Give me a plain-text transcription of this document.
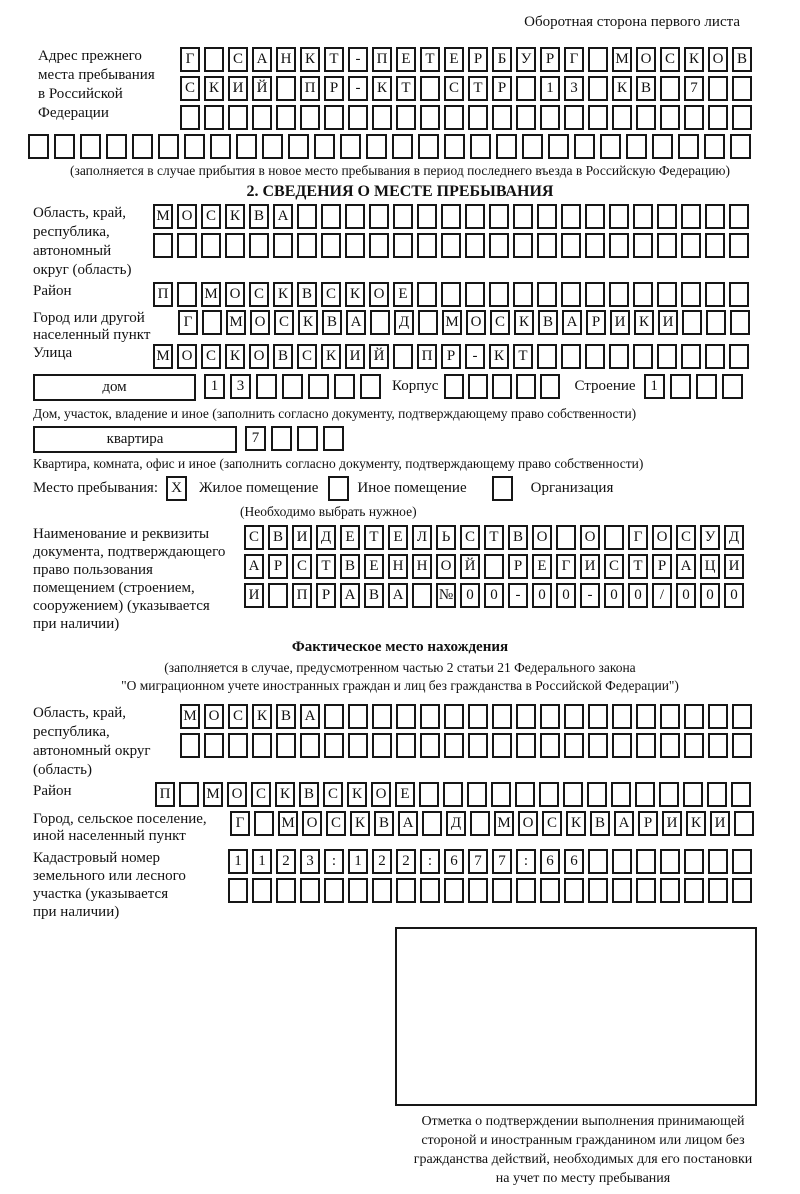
Оборотная сторона первого листа
Адрес прежнего
места пребывания
в Российской
Федерации
Г	С А Н К Т - П Е Т Е Р Б У Р Г М О С К О В
С К И Й П Р - К Т	С Т Р	1 3	К В	7
(заполняется в случае прибытия в новое место пребывания в период последнего въезда в Российскую Федерацию)
2. СВЕДЕНИЯ О МЕСТЕ ПРЕБЫВАНИЯ
Область, край,
республика,
автономный
округ (область)
М О С К В А
Район	П М О С К В С К О Е
Город или другой
населенный пункт
Г М О С К В А Д М О С К В А Р И К И
Улица	М О С К О В С К И Й П Р - К Т
дом	1 3	Корпус	Строение 1
Дом, участок, владение и иное (заполнить согласно документу, подтверждающему право собственности)
квартира	7
Квартира, комната, офис и иное (заполнить согласно документу, подтверждающему право собственности)
Место пребывания: X	Жилое помещение	Иное помещение	Организация
(Необходимо выбрать нужное)
Наименование и реквизиты
документа, подтверждающего
право пользования
помещением (строением,
сооружением) (указывается
при наличии)
С В И Д Е Т Е Л Ь С Т В О О	Г О С У Д
А Р С Т В Е Н Н О Й	Р Е Г И С Т Р А Ц И
И П Р А В А № 0 0 - 0 0 - 0 0 / 0 0 0
Фактическое место нахождения
(заполняется в случае, предусмотренном частью 2 статьи 21 Федерального закона
"О миграционном учете иностранных граждан и лиц без гражданства в Российской Федерации")
Область, край,
республика,
автономный округ
(область)
М О С К В А
Район	П М О С К В С К О Е
Город, сельское поселение,
иной населенный пункт
Г М О С К В А Д М О С К В А Р И К И
Кадастровый номер
земельного или лесного
участка (указывается
при наличии)
1 1 2 3 : 1 2 2 : 6 7 7 : 6 6
Отметка о подтверждении выполнения принимающей
стороной и иностранным гражданином или лицом без
гражданства действий, необходимых для его постановки
на учет по месту пребывания
